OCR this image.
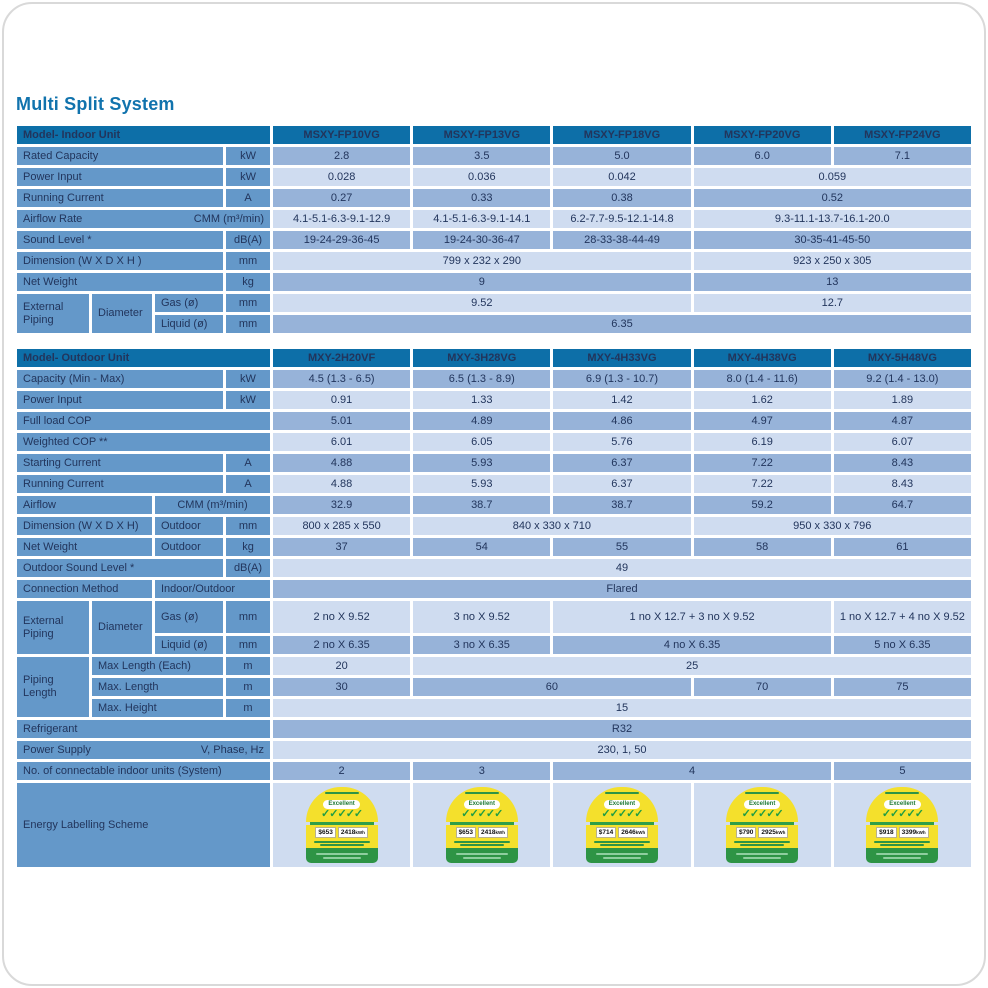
Multi Split System
Model- Indoor Unit				MSXY-FP10VG	MSXY-FP13VG	MSXY-FP18VG	MSXY-FP20VG	MSXY-FP24VG
Rated Capacity			kW	2.8	3.5	5.0	6.0	7.1
Power Input			kW	0.028	0.036	0.042	0.059	
Running Current			A	0.27	0.33	0.38	0.52	

Airflow Rate CMM (m³/min)				4.1-5.1-6.3-9.1-12.9	4.1-5.1-6.3-9.1-14.1	6.2-7.7-9.5-12.1-14.8	9.3-11.1-13.7-16.1-20.0	
Sound Level *			dB(A)	19-24-29-36-45	19-24-30-36-47	28-33-38-44-49	30-35-41-45-50	
Dimension (W X D X H )			mm	799 x 232 x 290			923 x 250 x 305	
Net Weight			kg	9			13	
External Piping	Diameter	Gas (ø)	mm	9.52			12.7	
		Liquid (ø)	mm	6.35				
Model- Outdoor Unit				MXY-2H20VF	MXY-3H28VG	MXY-4H33VG	MXY-4H38VG	MXY-5H48VG
Capacity (Min - Max)			kW	4.5 (1.3 - 6.5)	6.5 (1.3 - 8.9)	6.9 (1.3 - 10.7)	8.0 (1.4 - 11.6)	9.2 (1.4 - 13.0)
Power Input			kW	0.91	1.33	1.42	1.62	1.89
Full load COP				5.01	4.89	4.86	4.97	4.87
Weighted COP **				6.01	6.05	5.76	6.19	6.07
Starting Current			A	4.88	5.93	6.37	7.22	8.43
Running Current			A	4.88	5.93	6.37	7.22	8.43
Airflow		CMM (m³/min)		32.9	38.7	38.7	59.2	64.7
Dimension (W X D X H)		Outdoor	mm	800 x 285 x 550	840 x 330 x 710		950 x 330 x 796	
Net Weight		Outdoor	kg	37	54	55	58	61
Outdoor Sound Level *			dB(A)	49				
Connection Method		Indoor/Outdoor		Flared				
External Piping	Diameter	Gas (ø)	mm	2 no X 9.52	3 no X 9.52	1 no X 12.7 + 3 no X 9.52		1 no X 12.7 + 4 no X 9.52
		Liquid (ø)	mm	2 no X 6.35	3 no X 6.35	4 no X 6.35		5 no X 6.35
Piping Length	Max Length (Each)		m	20	25			
	Max. Length		m	30	60		70	75
	Max. Height		m	15				
Refrigerant				R32				

Power Supply V, Phase, Hz				230, 1, 50				
No. of connectable indoor units (System)				2	3	4		5
Energy Labelling Scheme	
Excellent
✓✓✓✓✓
$653	2418kWh

Excellent
✓✓✓✓✓
$653	2418kWh

Excellent
✓✓✓✓✓
$714	2646kWh

Excellent
✓✓✓✓✓
$790	2925kWh

Excellent
✓✓✓✓✓
$918	3399kWh
